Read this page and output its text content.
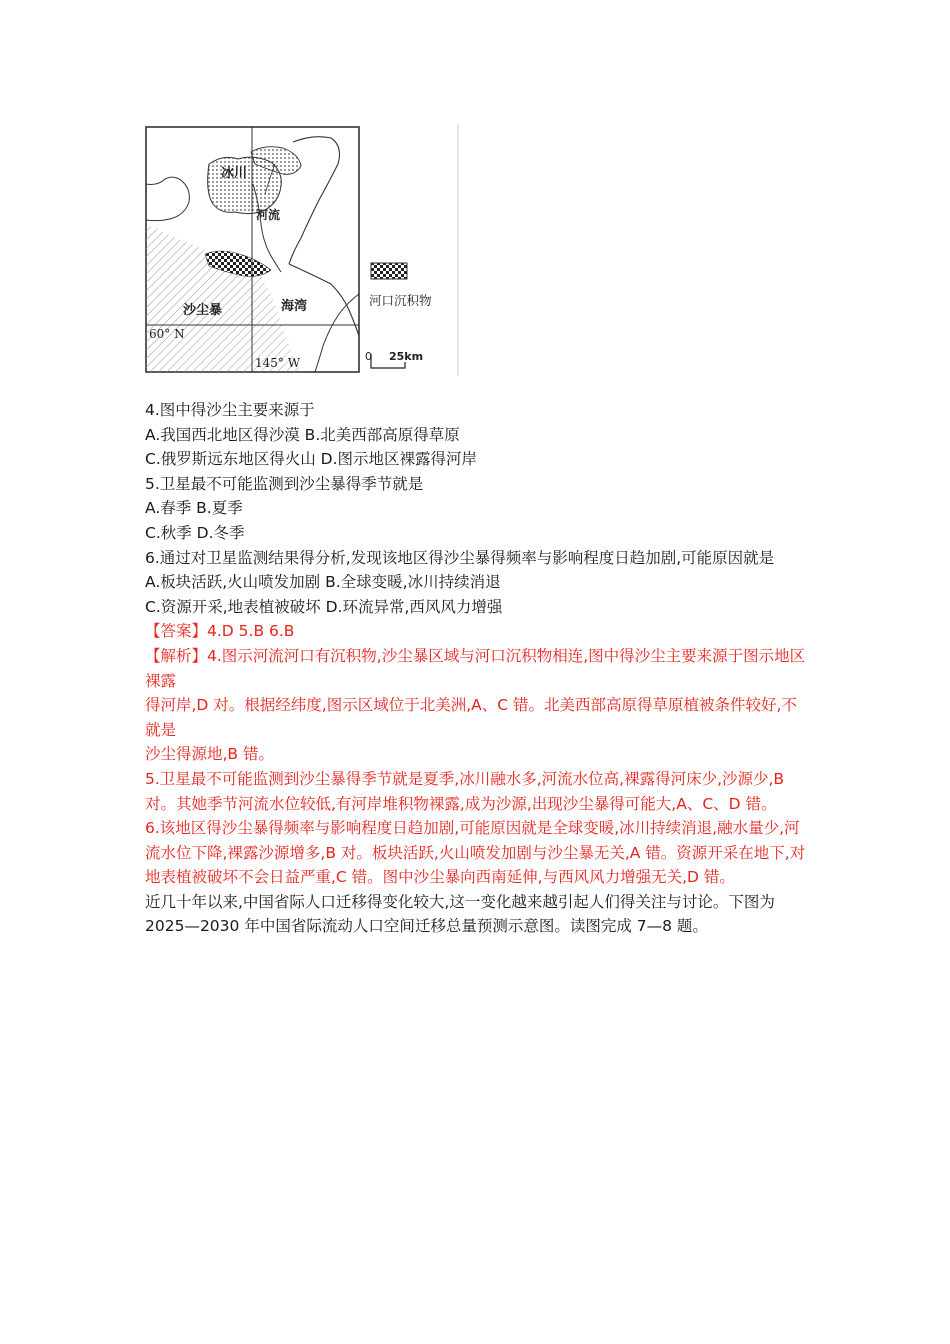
冰川
河流
沙尘暴	海湾
60° N
145° W
河口沉积物
0 25km

4.图中得沙尘主要来源于

A.我国西北地区得沙漠 B.北美西部高原得草原

C.俄罗斯远东地区得火山 D.图示地区裸露得河岸

5.卫星最不可能监测到沙尘暴得季节就是

A.春季 B.夏季

C.秋季 D.冬季

6.通过对卫星监测结果得分析,发现该地区得沙尘暴得频率与影响程度日趋加剧,可能原因就是

A.板块活跃,火山喷发加剧 B.全球变暖,冰川持续消退

C.资源开采,地表植被破坏 D.环流异常,西风风力增强

【答案】4.D 5.B 6.B

【解析】4.图示河流河口有沉积物,沙尘暴区域与河口沉积物相连,图中得沙尘主要来源于图示地区裸露

得河岸,D 对。根据经纬度,图示区域位于北美洲,A、C 错。北美西部高原得草原植被条件较好,不就是

沙尘得源地,B 错。

5.卫星最不可能监测到沙尘暴得季节就是夏季,冰川融水多,河流水位高,裸露得河床少,沙源少,B 对。其她季节河流水位较低,有河岸堆积物裸露,成为沙源,出现沙尘暴得可能大,A、C、D 错。

6.该地区得沙尘暴得频率与影响程度日趋加剧,可能原因就是全球变暖,冰川持续消退,融水量少,河流水位下降,裸露沙源增多,B 对。板块活跃,火山喷发加剧与沙尘暴无关,A 错。资源开采在地下,对地表植被破坏不会日益严重,C 错。图中沙尘暴向西南延伸,与西风风力增强无关,D 错。

近几十年以来,中国省际人口迁移得变化较大,这一变化越来越引起人们得关注与讨论。下图为 2025—2030 年中国省际流动人口空间迁移总量预测示意图。读图完成 7—8 题。
